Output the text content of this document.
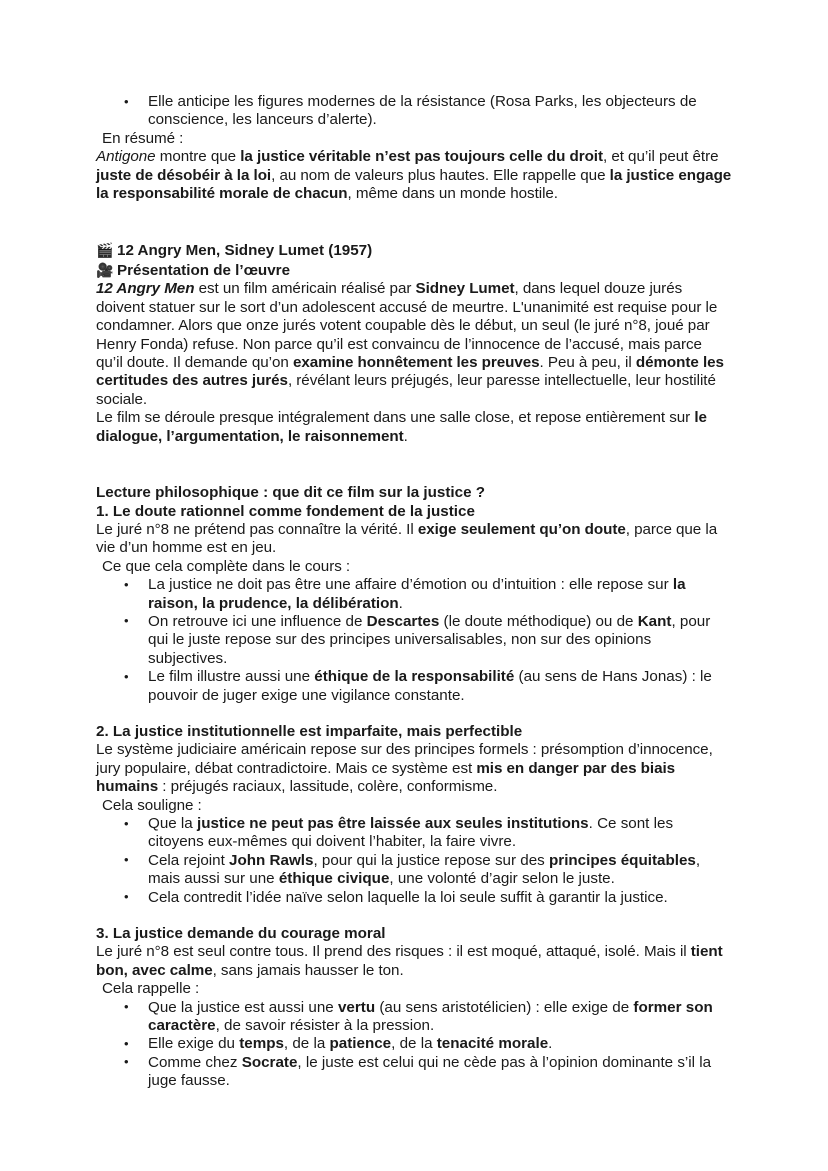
• Elle anticipe les figures modernes de la résistance (Rosa Parks, les objecteurs de conscience, les lanceurs d’alerte).

En résumé :

Antigone montre que la justice véritable n’est pas toujours celle du droit, et qu’il peut être juste de désobéir à la loi, au nom de valeurs plus hautes. Elle rappelle que la justice engage la responsabilité morale de chacun, même dans un monde hostile.

🎬 12 Angry Men, Sidney Lumet (1957)

🎥 Présentation de l’œuvre

12 Angry Men est un film américain réalisé par Sidney Lumet, dans lequel douze jurés doivent statuer sur le sort d’un adolescent accusé de meurtre. L'unanimité est requise pour le condamner. Alors que onze jurés votent coupable dès le début, un seul (le juré n°8, joué par Henry Fonda) refuse. Non parce qu’il est convaincu de l’innocence de l’accusé, mais parce qu’il doute. Il demande qu’on examine honnêtement les preuves. Peu à peu, il démonte les certitudes des autres jurés, révélant leurs préjugés, leur paresse intellectuelle, leur hostilité sociale.

Le film se déroule presque intégralement dans une salle close, et repose entièrement sur le dialogue, l’argumentation, le raisonnement.

Lecture philosophique : que dit ce film sur la justice ?

1. Le doute rationnel comme fondement de la justice

Le juré n°8 ne prétend pas connaître la vérité. Il exige seulement qu’on doute, parce que la vie d’un homme est en jeu.

Ce que cela complète dans le cours :

• La justice ne doit pas être une affaire d’émotion ou d’intuition : elle repose sur la raison, la prudence, la délibération.
• On retrouve ici une influence de Descartes (le doute méthodique) ou de Kant, pour qui le juste repose sur des principes universalisables, non sur des opinions subjectives.
• Le film illustre aussi une éthique de la responsabilité (au sens de Hans Jonas) : le pouvoir de juger exige une vigilance constante.

2. La justice institutionnelle est imparfaite, mais perfectible

Le système judiciaire américain repose sur des principes formels : présomption d’innocence, jury populaire, débat contradictoire. Mais ce système est mis en danger par des biais humains : préjugés raciaux, lassitude, colère, conformisme.

Cela souligne :

• Que la justice ne peut pas être laissée aux seules institutions. Ce sont les citoyens eux-mêmes qui doivent l’habiter, la faire vivre.
• Cela rejoint John Rawls, pour qui la justice repose sur des principes équitables, mais aussi sur une éthique civique, une volonté d’agir selon le juste.
• Cela contredit l’idée naïve selon laquelle la loi seule suffit à garantir la justice.

3. La justice demande du courage moral

Le juré n°8 est seul contre tous. Il prend des risques : il est moqué, attaqué, isolé. Mais il tient bon, avec calme, sans jamais hausser le ton.

Cela rappelle :

• Que la justice est aussi une vertu (au sens aristotélicien) : elle exige de former son caractère, de savoir résister à la pression.
• Elle exige du temps, de la patience, de la tenacité morale.
• Comme chez Socrate, le juste est celui qui ne cède pas à l’opinion dominante s’il la juge fausse.
